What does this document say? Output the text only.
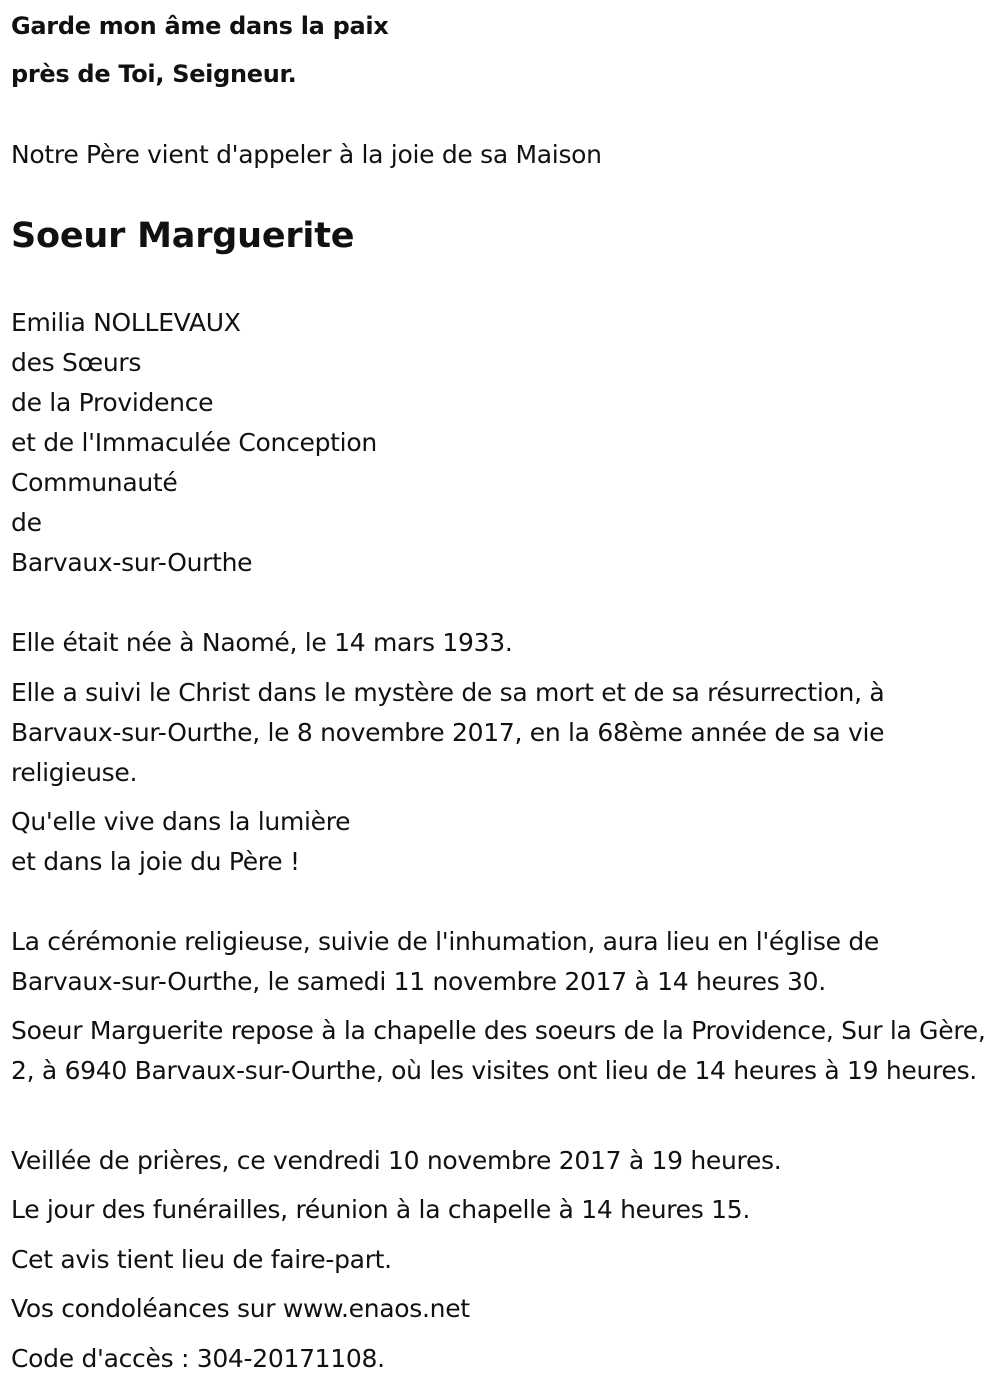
Garde mon âme dans la paix

près de Toi, Seigneur.

Notre Père vient d'appeler à la joie de sa Maison

Soeur Marguerite

Emilia NOLLEVAUX

des Sœurs

de la Providence

et de l'Immaculée Conception

Communauté

de

Barvaux-sur-Ourthe

Elle était née à Naomé, le 14 mars 1933.

Elle a suivi le Christ dans le mystère de sa mort et de sa résurrection, à Barvaux-sur-Ourthe, le 8 novembre 2017, en la 68ème année de sa vie religieuse.

Qu'elle vive dans la lumière

et dans la joie du Père !

La cérémonie religieuse, suivie de l'inhumation, aura lieu en l'église de Barvaux-sur-Ourthe, le samedi 11 novembre 2017 à 14 heures 30.

Soeur Marguerite repose à la chapelle des soeurs de la Providence, Sur la Gère, 2, à 6940 Barvaux-sur-Ourthe, où les visites ont lieu de 14 heures à 19 heures.

Veillée de prières, ce vendredi 10 novembre 2017 à 19 heures.

Le jour des funérailles, réunion à la chapelle à 14 heures 15.

Cet avis tient lieu de faire-part.

Vos condoléances sur www.enaos.net

Code d'accès : 304-20171108.
